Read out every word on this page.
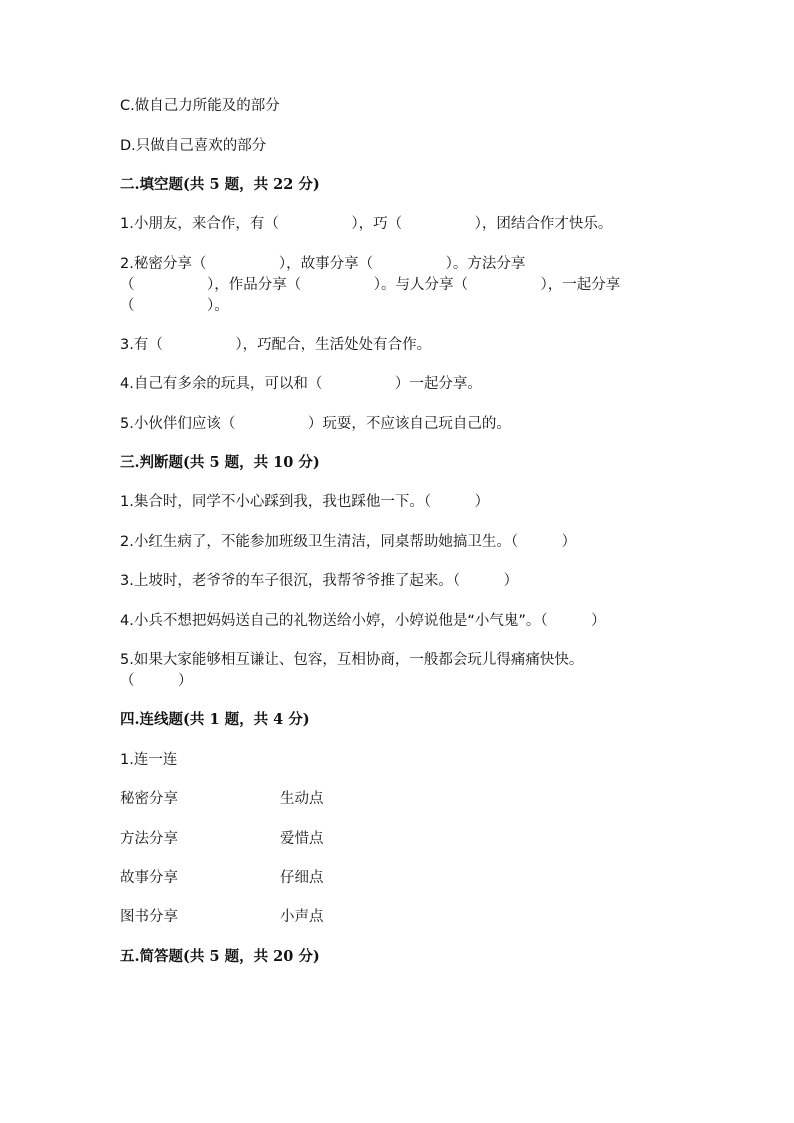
C.做自己力所能及的部分
D.只做自己喜欢的部分
二.填空题(共 5 题，共 22 分)
1.小朋友，来合作，有（　　　　　），巧（　　　　　），团结合作才快乐。
2.秘密分享（　　　　　），故事分享（　　　　　）。方法分享
（　　　　　），作品分享（　　　　　）。与人分享（　　　　　），一起分享
（　　　　　）。
3.有（　　　　　），巧配合，生活处处有合作。
4.自己有多余的玩具，可以和（　　　　　）一起分享。
5.小伙伴们应该（　　　　　）玩耍，不应该自己玩自己的。
三.判断题(共 5 题，共 10 分)
1.集合时，同学不小心踩到我，我也踩他一下。（　　　）
2.小红生病了，不能参加班级卫生清洁，同桌帮助她搞卫生。（　　　）
3.上坡时，老爷爷的车子很沉，我帮爷爷推了起来。（　　　）
4.小兵不想把妈妈送自己的礼物送给小婷，小婷说他是“小气鬼”。（　　　）
5.如果大家能够相互谦让、包容，互相协商，一般都会玩儿得痛痛快快。
（　　　）
四.连线题(共 1 题，共 4 分)
1.连一连
秘密分享	生动点
方法分享	爱惜点
故事分享	仔细点
图书分享	小声点
五.简答题(共 5 题，共 20 分)
